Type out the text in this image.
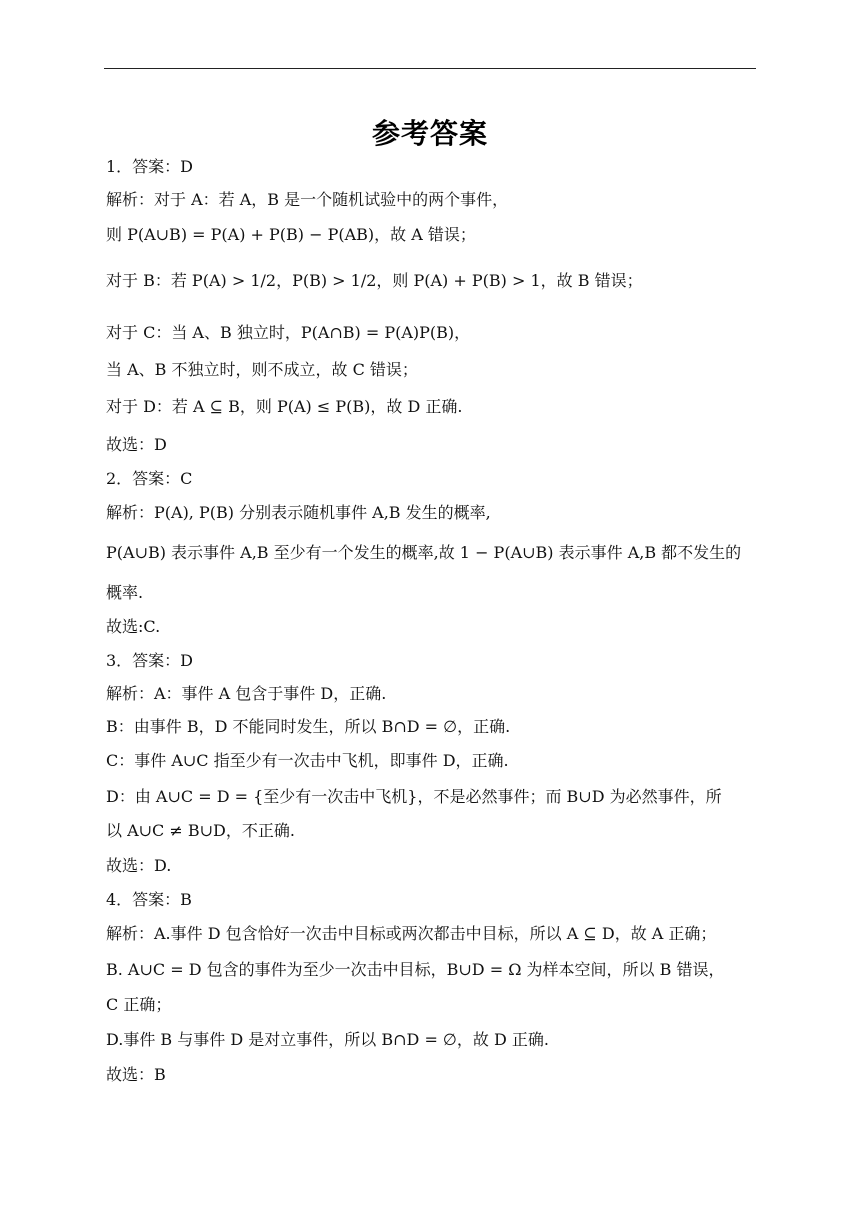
参考答案
1．答案：D
解析：对于 A：若 A，B 是一个随机试验中的两个事件，
则 P(A∪B) = P(A) + P(B) − P(AB)，故 A 错误；
对于 B：若 P(A) > 1/2，P(B) > 1/2，则 P(A) + P(B) > 1，故 B 错误；
对于 C：当 A、B 独立时，P(A∩B) = P(A)P(B)，
当 A、B 不独立时，则不成立，故 C 错误；
对于 D：若 A ⊆ B，则 P(A) ≤ P(B)，故 D 正确.
故选：D
2．答案：C
解析：P(A), P(B) 分别表示随机事件 A,B 发生的概率,
P(A∪B) 表示事件 A,B 至少有一个发生的概率,故 1 − P(A∪B) 表示事件 A,B 都不发生的
概率.
故选:C.
3．答案：D
解析：A：事件 A 包含于事件 D，正确.
B：由事件 B，D 不能同时发生，所以 B∩D = ∅，正确.
C：事件 A∪C 指至少有一次击中飞机，即事件 D，正确.
D：由 A∪C = D = {至少有一次击中飞机}，不是必然事件；而 B∪D 为必然事件，所
以 A∪C ≠ B∪D，不正确.
故选：D.
4．答案：B
解析：A.事件 D 包含恰好一次击中目标或两次都击中目标，所以 A ⊆ D，故 A 正确；
B. A∪C = D 包含的事件为至少一次击中目标，B∪D = Ω 为样本空间，所以 B 错误，
C 正确；
D.事件 B 与事件 D 是对立事件，所以 B∩D = ∅，故 D 正确.
故选：B
